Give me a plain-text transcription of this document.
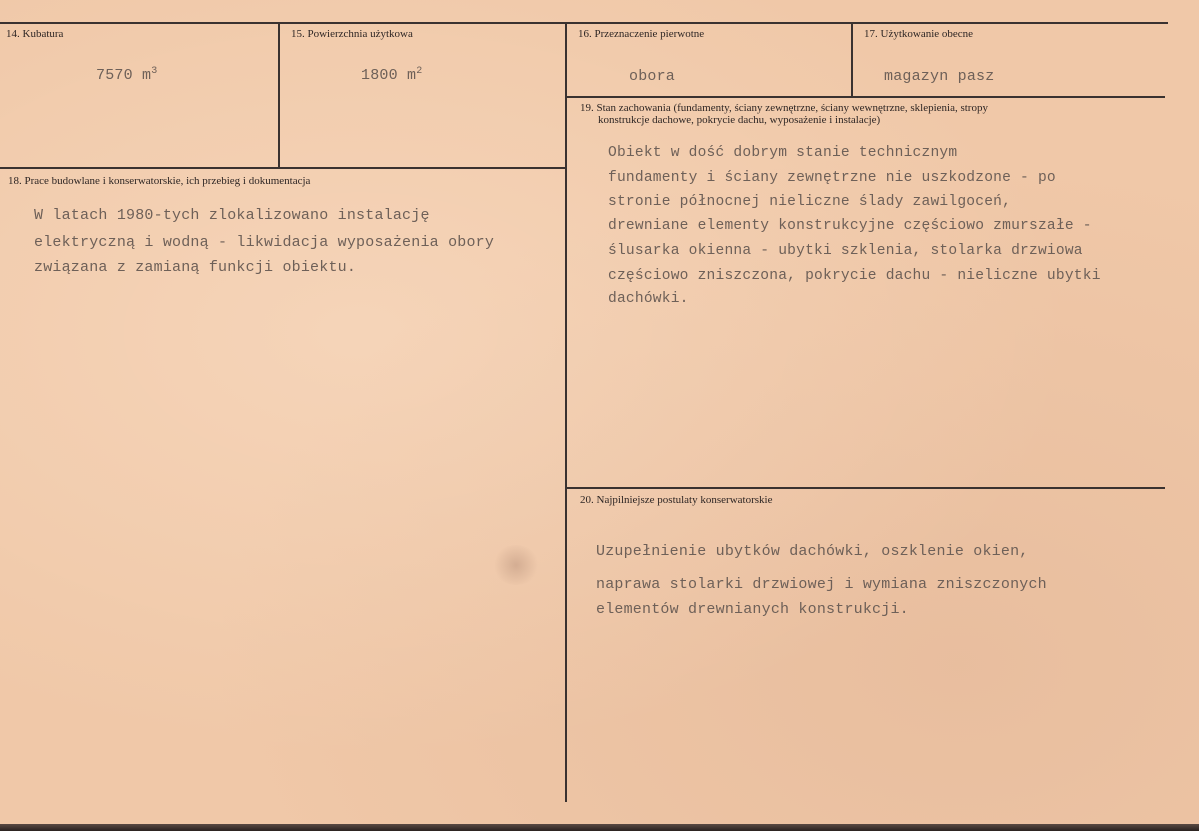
14. Kubatura
7570 $m^3$
15. Powierzchnia użytkowa
1800 $m^2$
16. Przeznaczenie pierwotne
obora
17. Użytkowanie obecne
magazyn pasz
18. Prace budowlane i konserwatorskie, ich przebieg i dokumentacja
W latach 1980-tych zlokalizowano instalację
elektryczną i wodną - likwidacja wyposażenia obory
związana z zamianą funkcji obiektu.
19. Stan zachowania (fundamenty, ściany zewnętrzne, ściany wewnętrzne, sklepienia, stropy
konstrukcje dachowe, pokrycie dachu, wyposażenie i instalacje)
Obiekt w dość dobrym stanie technicznym
fundamenty i ściany zewnętrzne nie uszkodzone - po
stronie północnej nieliczne ślady zawilgoceń,
drewniane elementy konstrukcyjne częściowo zmurszałe -
ślusarka okienna - ubytki szklenia, stolarka drzwiowa
częściowo zniszczona, pokrycie dachu - nieliczne ubytki
dachówki.
20. Najpilniejsze postulaty konserwatorskie
Uzupełnienie ubytków dachówki, oszklenie okien,
naprawa stolarki drzwiowej i wymiana zniszczonych
elementów drewnianych konstrukcji.
